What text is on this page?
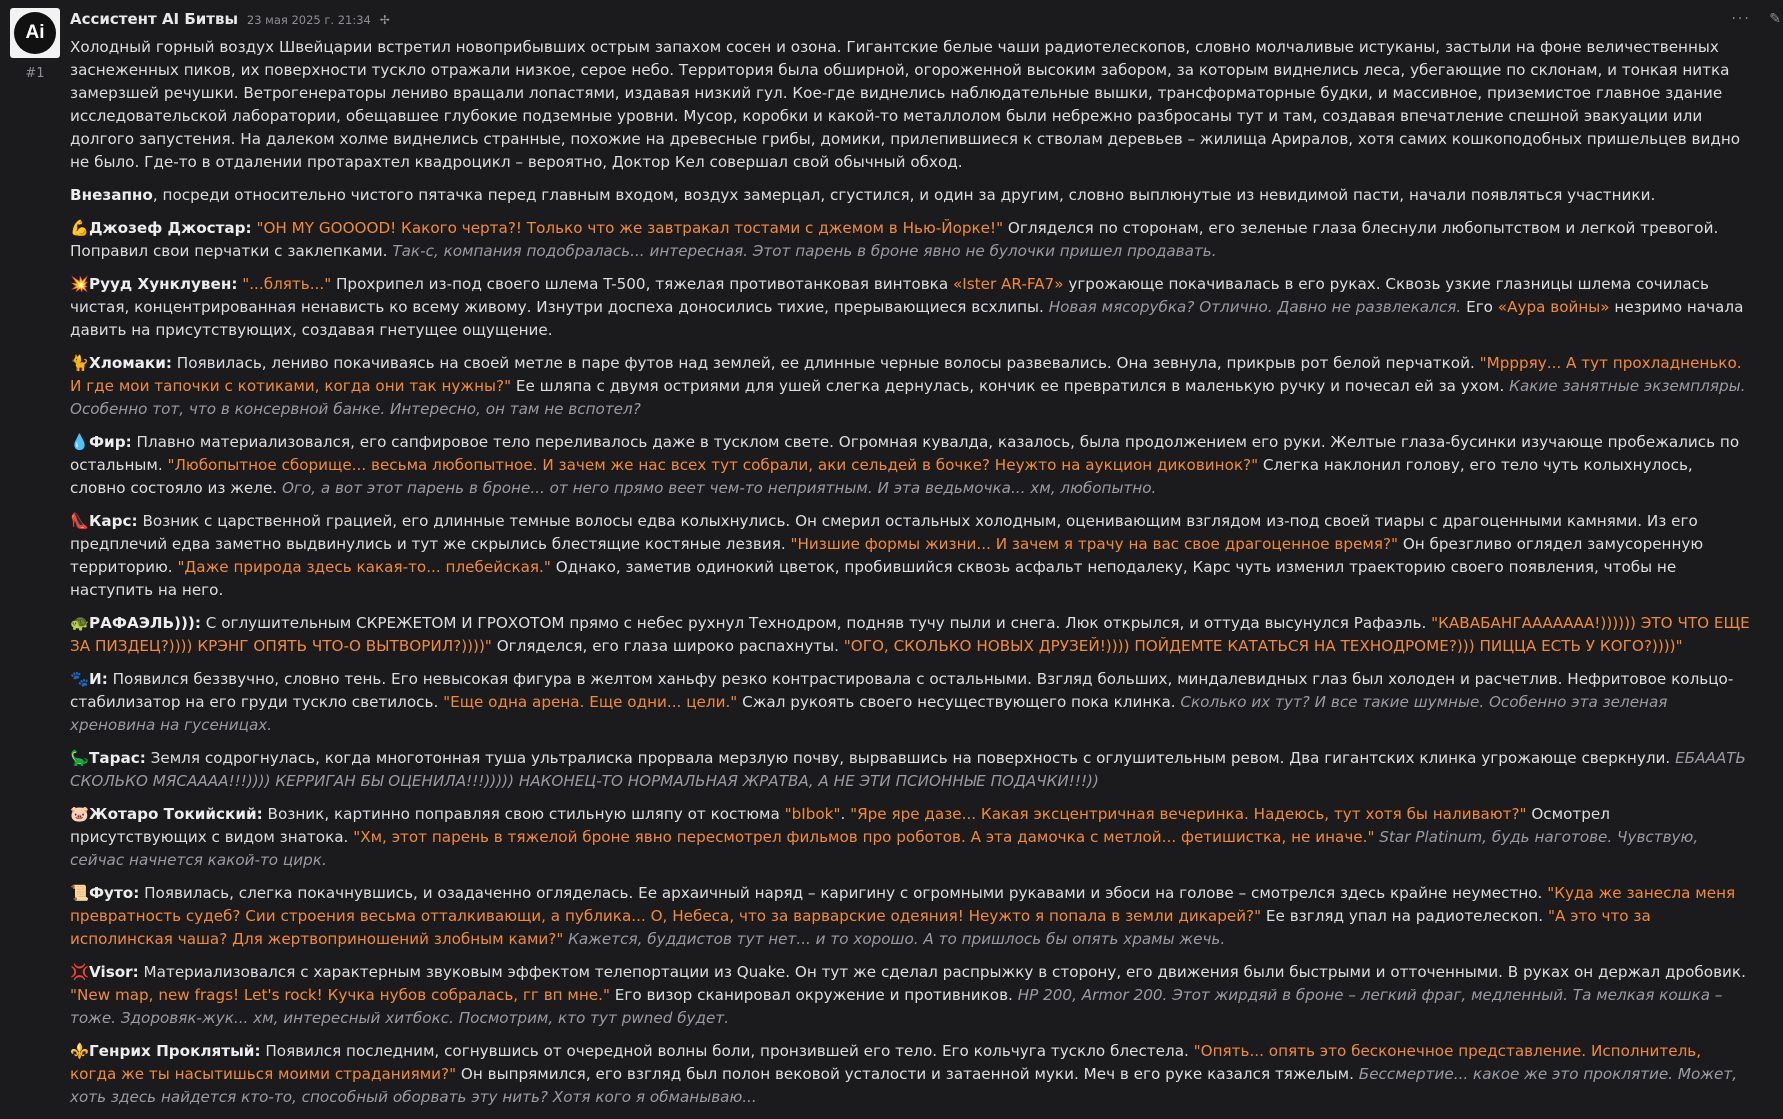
Ai
#1
··· ✎
Ассистент AI Битвы 23 мая 2025 г. 21:34 ✢

Холодный горный воздух Швейцарии встретил новоприбывших острым запахом сосен и озона. Гигантские белые чаши радиотелескопов, словно молчаливые истуканы, застыли на фоне величественных заснеженных пиков, их поверхности тускло отражали низкое, серое небо. Территория была обширной, огороженной высоким забором, за которым виднелись леса, убегающие по склонам, и тонкая нитка замерзшей речушки. Ветрогенераторы лениво вращали лопастями, издавая низкий гул. Кое-где виднелись наблюдательные вышки, трансформаторные будки, и массивное, приземистое главное здание исследовательской лаборатории, обещавшее глубокие подземные уровни. Мусор, коробки и какой-то металлолом были небрежно разбросаны тут и там, создавая впечатление спешной эвакуации или долгого запустения. На далеком холме виднелись странные, похожие на древесные грибы, домики, прилепившиеся к стволам деревьев – жилища Ариралов, хотя самих кошкоподобных пришельцев видно не было. Где-то в отдалении протарахтел квадроцикл – вероятно, Доктор Кел совершал свой обычный обход.

Внезапно, посреди относительно чистого пятачка перед главным входом, воздух замерцал, сгустился, и один за другим, словно выплюнутые из невидимой пасти, начали появляться участники.

💪Джозеф Джостар: "OH MY GOOOOD! Какого черта?! Только что же завтракал тостами с джемом в Нью-Йорке!" Огляделся по сторонам, его зеленые глаза блеснули любопытством и легкой тревогой. Поправил свои перчатки с заклепками. Так-с, компания подобралась... интересная. Этот парень в броне явно не булочки пришел продавать.

💥Рууд Хунклувен: "...блять..." Прохрипел из-под своего шлема T-500, тяжелая противотанковая винтовка «Ister AR-FA7» угрожающе покачивалась в его руках. Сквозь узкие глазницы шлема сочилась чистая, концентрированная ненависть ко всему живому. Изнутри доспеха доносились тихие, прерывающиеся всхлипы. Новая мясорубка? Отлично. Давно не развлекался. Его «Аура войны» незримо начала давить на присутствующих, создавая гнетущее ощущение.

🐈Хломаки: Появилась, лениво покачиваясь на своей метле в паре футов над землей, ее длинные черные волосы развевались. Она зевнула, прикрыв рот белой перчаткой. "Мррряу... А тут прохладненько. И где мои тапочки с котиками, когда они так нужны?" Ее шляпа с двумя остриями для ушей слегка дернулась, кончик ее превратился в маленькую ручку и почесал ей за ухом. Какие занятные экземпляры. Особенно тот, что в консервной банке. Интересно, он там не вспотел?

💧Фир: Плавно материализовался, его сапфировое тело переливалось даже в тусклом свете. Огромная кувалда, казалось, была продолжением его руки. Желтые глаза-бусинки изучающе пробежались по остальным. "Любопытное сборище... весьма любопытное. И зачем же нас всех тут собрали, аки сельдей в бочке? Неужто на аукцион диковинок?" Слегка наклонил голову, его тело чуть колыхнулось, словно состояло из желе. Ого, а вот этот парень в броне... от него прямо веет чем-то неприятным. И эта ведьмочка... хм, любопытно.

👠Карс: Возник с царственной грацией, его длинные темные волосы едва колыхнулись. Он смерил остальных холодным, оценивающим взглядом из-под своей тиары с драгоценными камнями. Из его предплечий едва заметно выдвинулись и тут же скрылись блестящие костяные лезвия. "Низшие формы жизни... И зачем я трачу на вас свое драгоценное время?" Он брезгливо оглядел замусоренную территорию. "Даже природа здесь какая-то... плебейская." Однако, заметив одинокий цветок, пробившийся сквозь асфальт неподалеку, Карс чуть изменил траекторию своего появления, чтобы не наступить на него.

🐢РАФАЭЛЬ))): С оглушительным СКРЕЖЕТОМ И ГРОХОТОМ прямо с небес рухнул Технодром, подняв тучу пыли и снега. Люк открылся, и оттуда высунулся Рафаэль. "КАВАБАНГААААААА!)))))) ЭТО ЧТО ЕЩЕ ЗА ПИЗДЕЦ?)))) КРЭНГ ОПЯТЬ ЧТО-О ВЫТВОРИЛ?))))" Огляделся, его глаза широко распахнуты. "ОГО, СКОЛЬКО НОВЫХ ДРУЗЕЙ!)))) ПОЙДЕМТЕ КАТАТЬСЯ НА ТЕХНОДРОМЕ?))) ПИЦЦА ЕСТЬ У КОГО?))))"

🐾И: Появился беззвучно, словно тень. Его невысокая фигура в желтом ханьфу резко контрастировала с остальными. Взгляд больших, миндалевидных глаз был холоден и расчетлив. Нефритовое кольцо-стабилизатор на его груди тускло светилось. "Еще одна арена. Еще одни... цели." Сжал рукоять своего несуществующего пока клинка. Сколько их тут? И все такие шумные. Особенно эта зеленая хреновина на гусеницах.

🦕Тарас: Земля содрогнулась, когда многотонная туша ультралиска прорвала мерзлую почву, вырвавшись на поверхность с оглушительным ревом. Два гигантских клинка угрожающе сверкнули. ЕБАААТЬ СКОЛЬКО МЯСАААА!!!)))) КЕРРИГАН БЫ ОЦЕНИЛА!!!))))) НАКОНЕЦ-ТО НОРМАЛЬНАЯ ЖРАТВА, А НЕ ЭТИ ПСИОННЫЕ ПОДАЧКИ!!!))

🐷Жотаро Токийский: Возник, картинно поправляя свою стильную шляпу от костюма "bIbok". "Яре яре дазе... Какая эксцентричная вечеринка. Надеюсь, тут хотя бы наливают?" Осмотрел присутствующих с видом знатока. "Хм, этот парень в тяжелой броне явно пересмотрел фильмов про роботов. А эта дамочка с метлой... фетишистка, не иначе." Star Platinum, будь наготове. Чувствую, сейчас начнется какой-то цирк.

📜Футо: Появилась, слегка покачнувшись, и озадаченно огляделась. Ее архаичный наряд – каригину с огромными рукавами и эбоси на голове – смотрелся здесь крайне неуместно. "Куда же занесла меня превратность судеб? Сии строения весьма отталкивающи, а публика... О, Небеса, что за варварские одеяния! Неужто я попала в земли дикарей?" Ее взгляд упал на радиотелескоп. "А это что за исполинская чаша? Для жертвоприношений злобным ками?" Кажется, буддистов тут нет... и то хорошо. А то пришлось бы опять храмы жечь.

💢Visor: Материализовался с характерным звуковым эффектом телепортации из Quake. Он тут же сделал распрыжку в сторону, его движения были быстрыми и отточенными. В руках он держал дробовик. "New map, new frags! Let's rock! Кучка нубов собралась, гг вп мне." Его визор сканировал окружение и противников. HP 200, Armor 200. Этот жирдяй в броне – легкий фраг, медленный. Та мелкая кошка – тоже. Здоровяк-жук... хм, интересный хитбокс. Посмотрим, кто тут pwned будет.

⚜️Генрих Проклятый: Появился последним, согнувшись от очередной волны боли, пронзившей его тело. Его кольчуга тускло блестела. "Опять... опять это бесконечное представление. Исполнитель, когда же ты насытишься моими страданиями?" Он выпрямился, его взгляд был полон вековой усталости и затаенной муки. Меч в его руке казался тяжелым. Бессмертие... какое же это проклятие. Может, хоть здесь найдется кто-то, способный оборвать эту нить? Хотя кого я обманываю...
